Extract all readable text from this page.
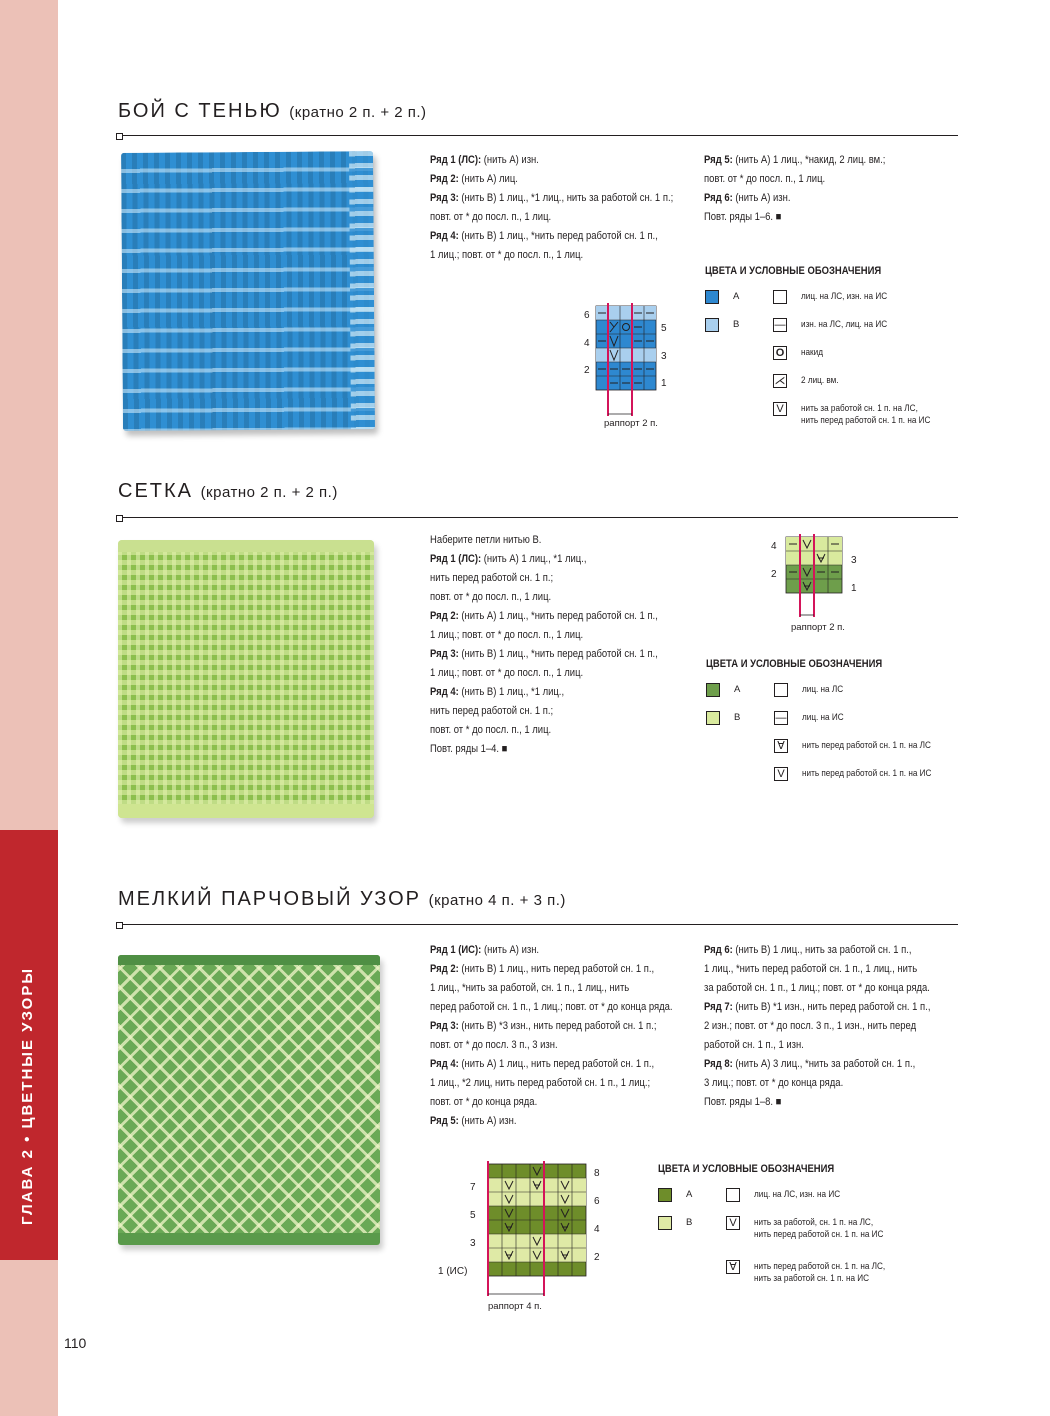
ГЛАВА 2 • ЦВЕТНЫЕ УЗОРЫ
110
БОЙ С ТЕНЬЮ (кратно 2 п. + 2 п.)

Ряд 1 (ЛС): (нить А) изн.

Ряд 2: (нить А) лиц.

Ряд 3: (нить В) 1 лиц., *1 лиц., нить за работой сн. 1 п.;

повт. от * до посл. п., 1 лиц.

Ряд 4: (нить В) 1 лиц., *нить перед работой сн. 1 п.,

1 лиц.; повт. от * до посл. п., 1 лиц.

Ряд 5: (нить А) 1 лиц., *накид, 2 лиц. вм.;

повт. от * до посл. п., 1 лиц.

Ряд 6: (нить А) изн.

Повт. ряды 1–6. ■

6
4
2
5
3
1
раппорт 2 п.
ЦВЕТА И УСЛОВНЫЕ ОБОЗНАЧЕНИЯ
А
В
лиц. на ЛС, изн. на ИС
— изн. на ЛС, лиц. на ИС
O накид
⋌ 2 лиц. вм.
V	нить за работой сн. 1 п. на ЛС,
нить перед работой сн. 1 п. на ИС
СЕТКА (кратно 2 п. + 2 п.)

Наберите петли нитью В.

Ряд 1 (ЛС): (нить А) 1 лиц., *1 лиц.,

нить перед работой сн. 1 п.;

повт. от * до посл. п., 1 лиц.

Ряд 2: (нить А) 1 лиц., *нить перед работой сн. 1 п.,

1 лиц.; повт. от * до посл. п., 1 лиц.

Ряд 3: (нить В) 1 лиц., *нить перед работой сн. 1 п.,

1 лиц.; повт. от * до посл. п., 1 лиц.

Ряд 4: (нить В) 1 лиц., *1 лиц.,

нить перед работой сн. 1 п.;

повт. от * до посл. п., 1 лиц.

Повт. ряды 1–4. ■

4
2
3
1
раппорт 2 п.
ЦВЕТА И УСЛОВНЫЕ ОБОЗНАЧЕНИЯ
А
В
лиц. на ЛС
— лиц. на ИС
∀	нить перед работой сн. 1 п. на ЛС
V	нить перед работой сн. 1 п. на ИС
МЕЛКИЙ ПАРЧОВЫЙ УЗОР (кратно 4 п. + 3 п.)

Ряд 1 (ИС): (нить А) изн.

Ряд 2: (нить В) 1 лиц., нить перед работой сн. 1 п.,

1 лиц., *нить за работой, сн. 1 п., 1 лиц., нить

перед работой сн. 1 п., 1 лиц.; повт. от * до конца ряда.

Ряд 3: (нить В) *3 изн., нить перед работой сн. 1 п.;

повт. от * до посл. 3 п., 3 изн.

Ряд 4: (нить А) 1 лиц., нить перед работой сн. 1 п.,

1 лиц., *2 лиц, нить перед работой сн. 1 п., 1 лиц.;

повт. от * до конца ряда.

Ряд 5: (нить А) изн.

Ряд 6: (нить В) 1 лиц., нить за работой сн. 1 п.,

1 лиц., *нить перед работой сн. 1 п., 1 лиц., нить

за работой сн. 1 п., 1 лиц.; повт. от * до конца ряда.

Ряд 7: (нить В) *1 изн., нить перед работой сн. 1 п.,

2 изн.; повт. от * до посл. 3 п., 1 изн., нить перед

работой сн. 1 п., 1 изн.

Ряд 8: (нить А) 3 лиц., *нить за работой сн. 1 п.,

3 лиц.; повт. от * до конца ряда.

Повт. ряды 1–8. ■

7
5
3
1 (ИС)
8
6
4
2
раппорт 4 п.
ЦВЕТА И УСЛОВНЫЕ ОБОЗНАЧЕНИЯ
А
В
лиц. на ЛС, изн. на ИС
V	нить за работой, сн. 1 п. на ЛС,
нить перед работой сн. 1 п. на ИС
∀	нить перед работой сн. 1 п. на ЛС,
нить за работой сн. 1 п. на ИС
